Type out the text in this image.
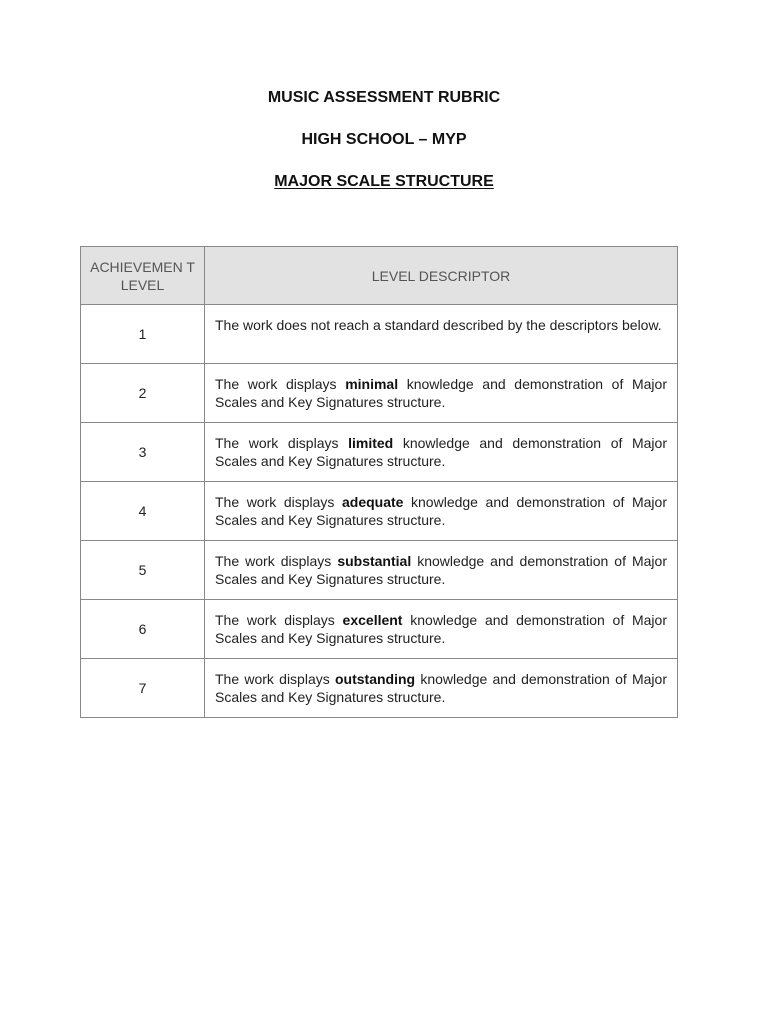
MUSIC ASSESSMENT RUBRIC
HIGH SCHOOL – MYP
MAJOR SCALE STRUCTURE
ACHIEVEMEN T LEVEL	LEVEL DESCRIPTOR
1	The work does not reach a standard described by the descriptors below.
2	The work displays minimal knowledge and demonstration of Major Scales and Key Signatures structure.
3	The work displays limited knowledge and demonstration of Major Scales and Key Signatures structure.
4	The work displays adequate knowledge and demonstration of Major Scales and Key Signatures structure.
5	The work displays substantial knowledge and demonstration of Major Scales and Key Signatures structure.
6	The work displays excellent knowledge and demonstration of Major Scales and Key Signatures structure.
7	The work displays outstanding knowledge and demonstration of Major Scales and Key Signatures structure.
